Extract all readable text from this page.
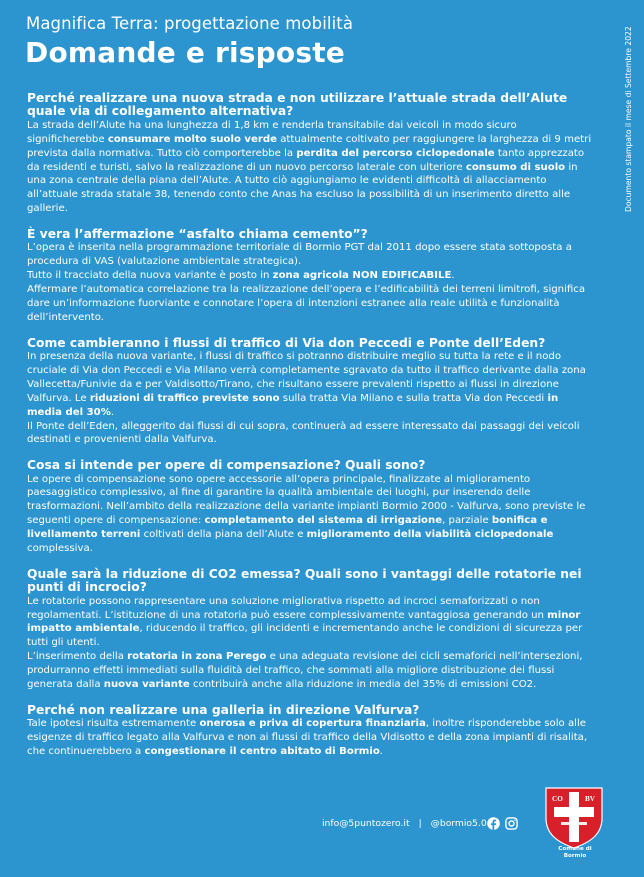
Magnifica Terra: progettazione mobilità
Domande e risposte	Documento stampato il mese di Settembre 2022
Perché realizzare una nuova strada e non utilizzare l’attuale strada dell’Alute quale via di collegamento alternativa?
La strada dell’Alute ha una lunghezza di 1,8 km e renderla transitabile dai veicoli in modo sicuro significherebbe consumare molto suolo verde attualmente coltivato per raggiungere la larghezza di 9 metri prevista dalla normativa. Tutto ciò comporterebbe la perdita del percorso ciclopedonale tanto apprezzato da residenti e turisti, salvo la realizzazione di un nuovo percorso laterale con ulteriore consumo di suolo in una zona centrale della piana dell’Alute. A tutto ciò aggiungiamo le evidenti difficoltà di allacciamento all’attuale strada statale 38, tenendo conto che Anas ha escluso la possibilità di un inserimento diretto alle gallerie.
È vera l’affermazione “asfalto chiama cemento”?
L’opera è inserita nella programmazione territoriale di Bormio PGT dal 2011 dopo essere stata sottoposta a procedura di VAS (valutazione ambientale strategica).
Tutto il tracciato della nuova variante è posto in zona agricola NON EDIFICABILE.
Affermare l’automatica correlazione tra la realizzazione dell’opera e l’edificabilità dei terreni limitrofi, significa dare un’informazione fuorviante e connotare l’opera di intenzioni estranee alla reale utilità e funzionalità dell’intervento.
Come cambieranno i flussi di traffico di Via don Peccedi e Ponte dell’Eden?
In presenza della nuova variante, i flussi di traffico si potranno distribuire meglio su tutta la rete e il nodo cruciale di Via don Peccedi e Via Milano verrà completamente sgravato da tutto il traffico derivante dalla zona Vallecetta/Funivie da e per Valdisotto/Tirano, che risultano essere prevalenti rispetto ai flussi in direzione Valfurva. Le riduzioni di traffico previste sono sulla tratta Via Milano e sulla tratta Via don Peccedi in media del 30%.
Il Ponte dell’Eden, alleggerito dai flussi di cui sopra, continuerà ad essere interessato dai passaggi dei veicoli destinati e provenienti dalla Valfurva.
Cosa si intende per opere di compensazione? Quali sono?
Le opere di compensazione sono opere accessorie all’opera principale, finalizzate al miglioramento paesaggistico complessivo, al fine di garantire la qualità ambientale dei luoghi, pur inserendo delle trasformazioni. Nell’ambito della realizzazione della variante impianti Bormio 2000 - Valfurva, sono previste le seguenti opere di compensazione: completamento del sistema di irrigazione, parziale bonifica e livellamento terreni coltivati della piana dell’Alute e miglioramento della viabilità ciclopedonale complessiva.
Quale sarà la riduzione di CO2 emessa? Quali sono i vantaggi delle rotatorie nei punti di incrocio?
Le rotatorie possono rappresentare una soluzione migliorativa rispetto ad incroci semaforizzati o non regolamentati. L’istituzione di una rotatoria può essere complessivamente vantaggiosa generando un minor impatto ambientale, riducendo il traffico, gli incidenti e incrementando anche le condizioni di sicurezza per tutti gli utenti.
L’inserimento della rotatoria in zona Perego e una adeguata revisione dei cicli semaforici nell’intersezioni, produrranno effetti immediati sulla fluidità del traffico, che sommati alla migliore distribuzione dei flussi generata dalla nuova variante contribuirà anche alla riduzione in media del 35% di emissioni CO2.
Perché non realizzare una galleria in direzione Valfurva?
Tale ipotesi risulta estremamente onerosa e priva di copertura finanziaria, inoltre risponderebbe solo alle esigenze di traffico legato alla Valfurva e non ai flussi di traffico della Vldisotto e della zona impianti di risalita, che continuerebbero a congestionare il centro abitato di Bormio.
info@5puntozero.it | @bormio5.0
CO	BV
Comune di
Bormio
